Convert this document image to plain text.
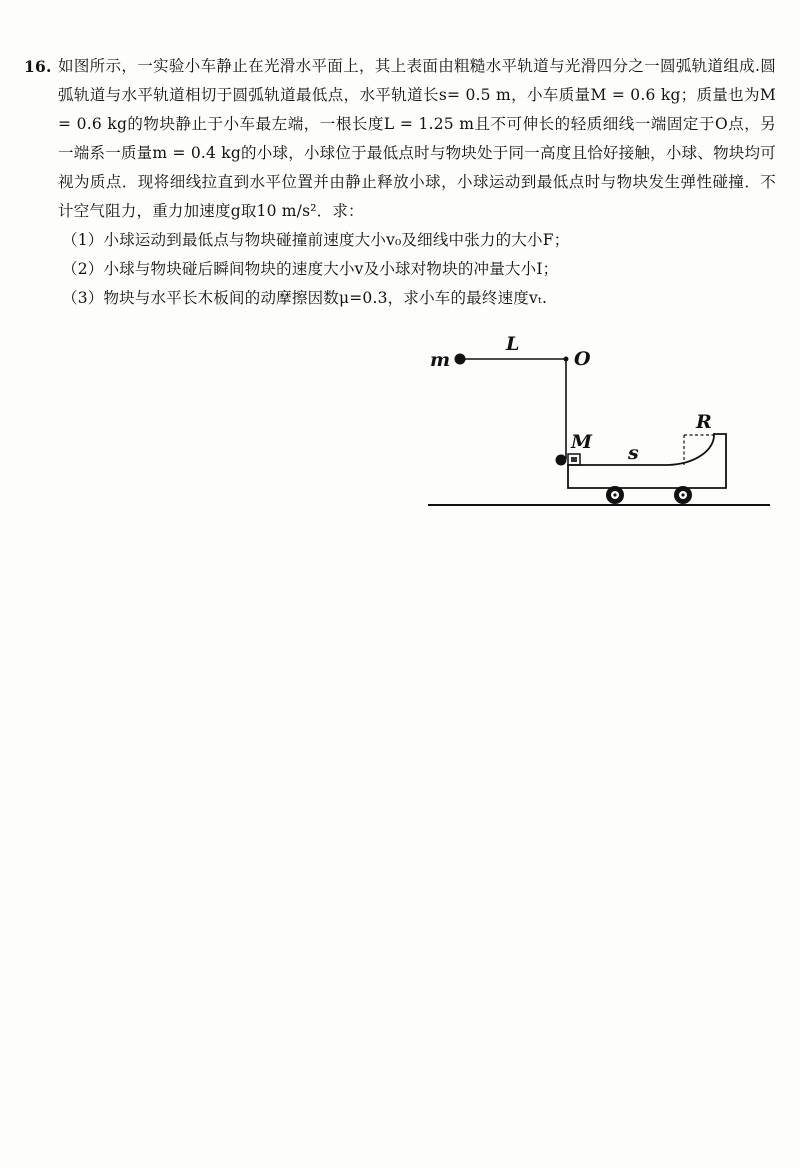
16. 如图所示，一实验小车静止在光滑水平面上，其上表面由粗糙水平轨道与光滑四分之一圆弧轨道组成.圆弧轨道与水平轨道相切于圆弧轨道最低点，水平轨道长s= 0.5 m，小车质量M = 0.6 kg；质量也为M = 0.6 kg的物块静止于小车最左端，一根长度L = 1.25 m且不可伸长的轻质细线一端固定于O点，另一端系一质量m = 0.4 kg的小球，小球位于最低点时与物块处于同一高度且恰好接触，小球、物块均可视为质点．现将细线拉直到水平位置并由静止释放小球，小球运动到最低点时与物块发生弹性碰撞．不计空气阻力，重力加速度g取10 m/s²．求：
（1）小球运动到最低点与物块碰撞前速度大小v₀及细线中张力的大小F；
（2）小球与物块碰后瞬间物块的速度大小v及小球对物块的冲量大小I；
（3）物块与水平长木板间的动摩擦因数μ=0.3，求小车的最终速度vₜ.
m
L
O
M s
R
